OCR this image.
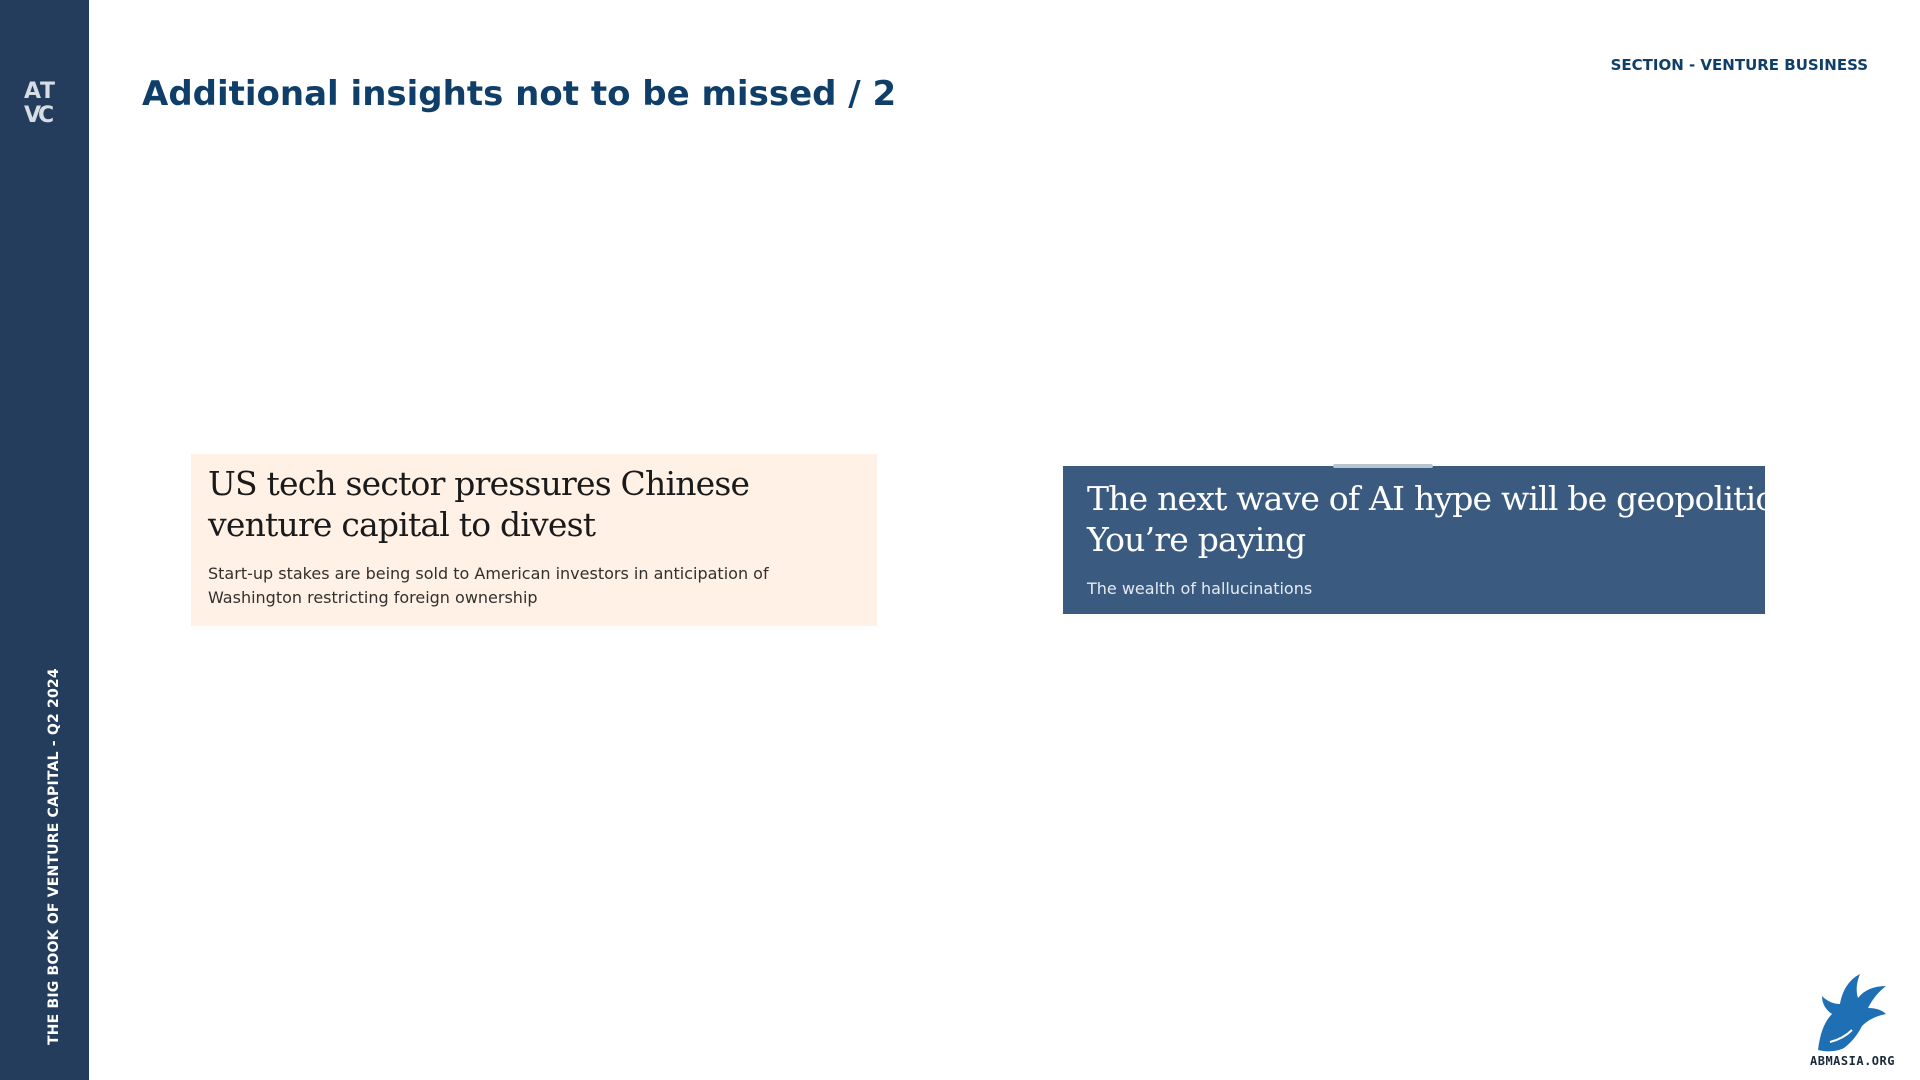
A
T
V
C
THE BIG BOOK OF VENTURE CAPITAL - Q2 2024
SECTION - VENTURE BUSINESS
Additional insights not to be missed / 2
US tech sector pressures Chinese venture capital to divest
Start-up stakes are being sold to American investors in anticipation of Washington restricting foreign ownership
The next wave of AI hype will be geopolitical.
You’re paying
The wealth of hallucinations
87
ABMASIA.ORG
